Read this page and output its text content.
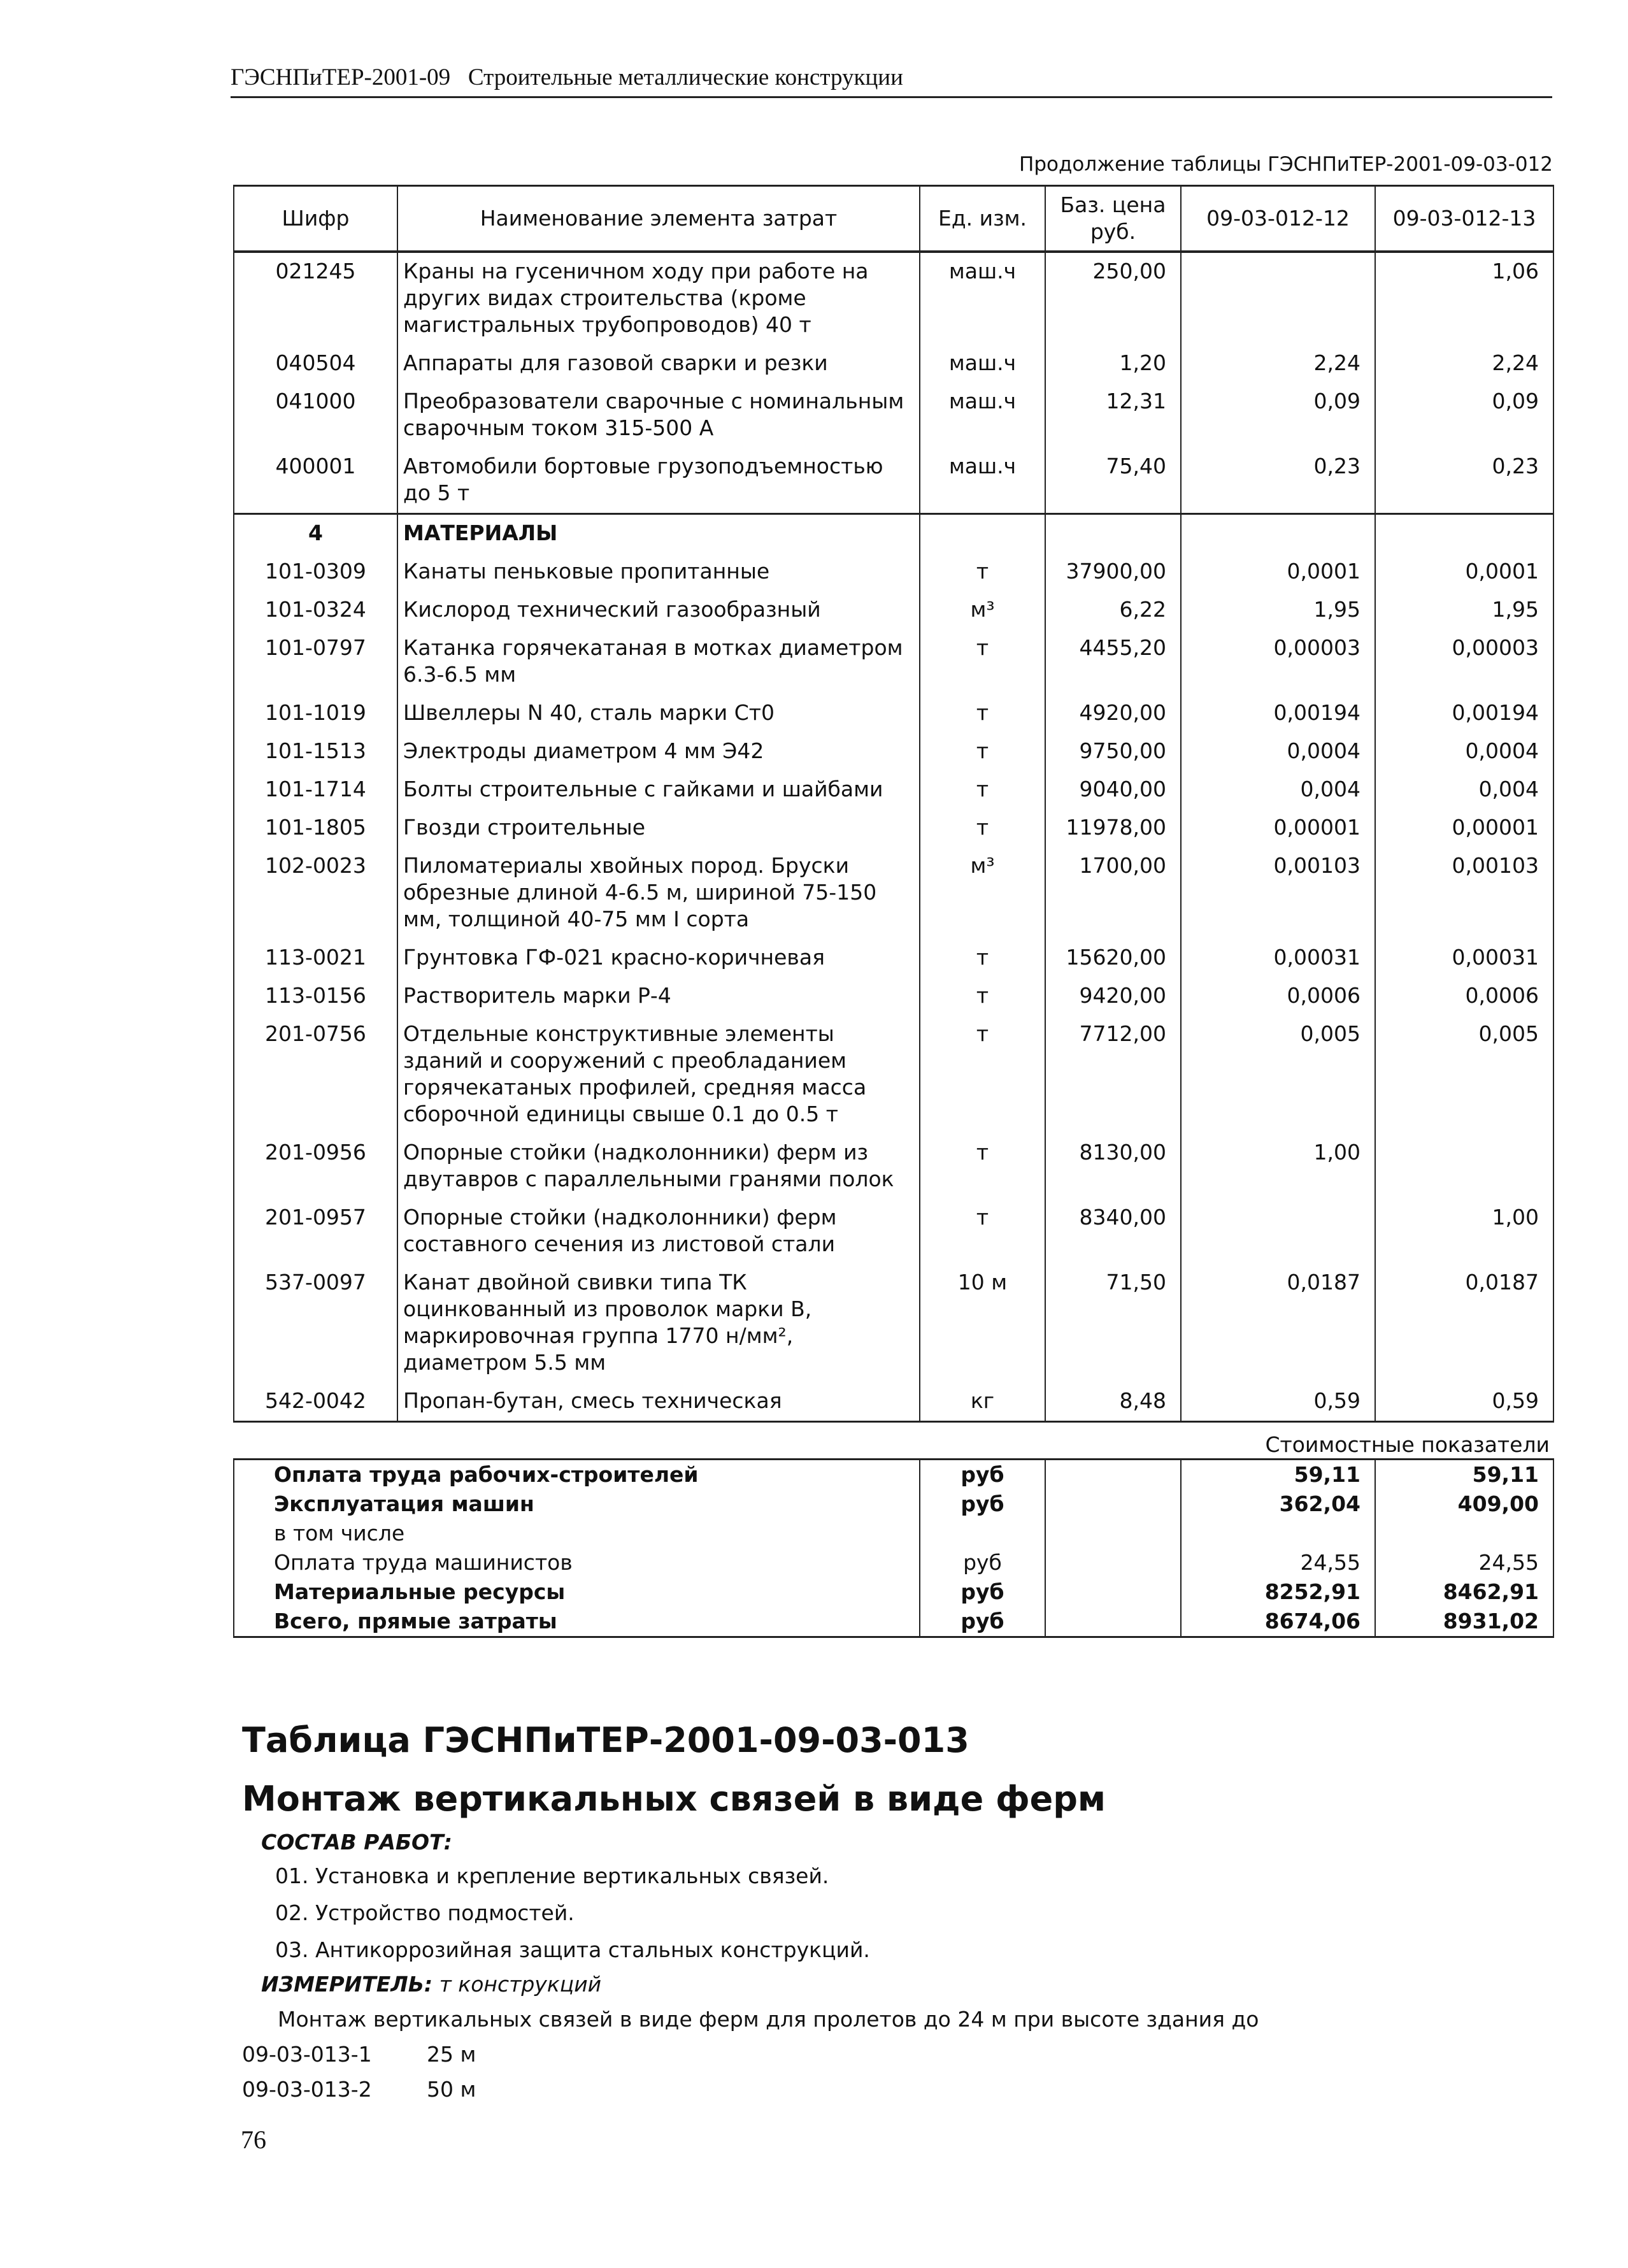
ГЭСНПиТЕР-2001-09   Строительные металлические конструкции
Продолжение таблицы ГЭСНПиТЕР-2001-09-03-012
Шифр	Наименование элемента затрат	Ед. изм.	Баз. цена руб.	09-03-012-12	09-03-012-13
021245	Краны на гусеничном ходу при работе на других видах строительства (кроме магистральных трубопроводов) 40 т	маш.ч	250,00		1,06
040504	Аппараты для газовой сварки и резки	маш.ч	1,20	2,24	2,24
041000	Преобразователи сварочные с номинальным сварочным током 315-500 А	маш.ч	12,31	0,09	0,09
400001	Автомобили бортовые грузоподъемностью до 5 т	маш.ч	75,40	0,23	0,23
4	МАТЕРИАЛЫ				
101-0309	Канаты пеньковые пропитанные	т	37900,00	0,0001	0,0001
101-0324	Кислород технический газообразный	м³	6,22	1,95	1,95
101-0797	Катанка горячекатаная в мотках диаметром 6.3-6.5 мм	т	4455,20	0,00003	0,00003
101-1019	Швеллеры N 40, сталь марки Ст0	т	4920,00	0,00194	0,00194
101-1513	Электроды диаметром 4 мм Э42	т	9750,00	0,0004	0,0004
101-1714	Болты строительные с гайками и шайбами	т	9040,00	0,004	0,004
101-1805	Гвозди строительные	т	11978,00	0,00001	0,00001
102-0023	Пиломатериалы хвойных пород. Бруски обрезные длиной 4-6.5 м, шириной 75-150 мм, толщиной 40-75 мм I сорта	м³	1700,00	0,00103	0,00103
113-0021	Грунтовка ГФ-021 красно-коричневая	т	15620,00	0,00031	0,00031
113-0156	Растворитель марки Р-4	т	9420,00	0,0006	0,0006
201-0756	Отдельные конструктивные элементы зданий и сооружений с преобладанием горячекатаных профилей, средняя масса сборочной единицы свыше 0.1 до 0.5 т	т	7712,00	0,005	0,005
201-0956	Опорные стойки (надколонники) ферм из двутавров с параллельными гранями полок	т	8130,00	1,00	
201-0957	Опорные стойки (надколонники) ферм составного сечения из листовой стали	т	8340,00		1,00
537-0097	Канат двойной свивки типа ТК оцинкованный из проволок марки В, маркировочная группа 1770 н/мм², диаметром 5.5 мм	10 м	71,50	0,0187	0,0187
542-0042	Пропан-бутан, смесь техническая	кг	8,48	0,59	0,59
Стоимостные показатели					
Оплата труда рабочих-строителей		руб		59,11	59,11
Эксплуатация машин		руб		362,04	409,00
в том числе					
Оплата труда машинистов		руб		24,55	24,55
Материальные ресурсы		руб		8252,91	8462,91
Всего, прямые затраты		руб		8674,06	8931,02
Таблица ГЭСНПиТЕР-2001-09-03-013
Монтаж вертикальных связей в виде ферм
СОСТАВ РАБОТ:
01. Установка и крепление вертикальных связей.
02. Устройство подмостей.
03. Антикоррозийная защита стальных конструкций.
ИЗМЕРИТЕЛЬ: т конструкций
Монтаж вертикальных связей в виде ферм для пролетов до 24 м при высоте здания до
09-03-013-1	25 м
09-03-013-2	50 м
76
